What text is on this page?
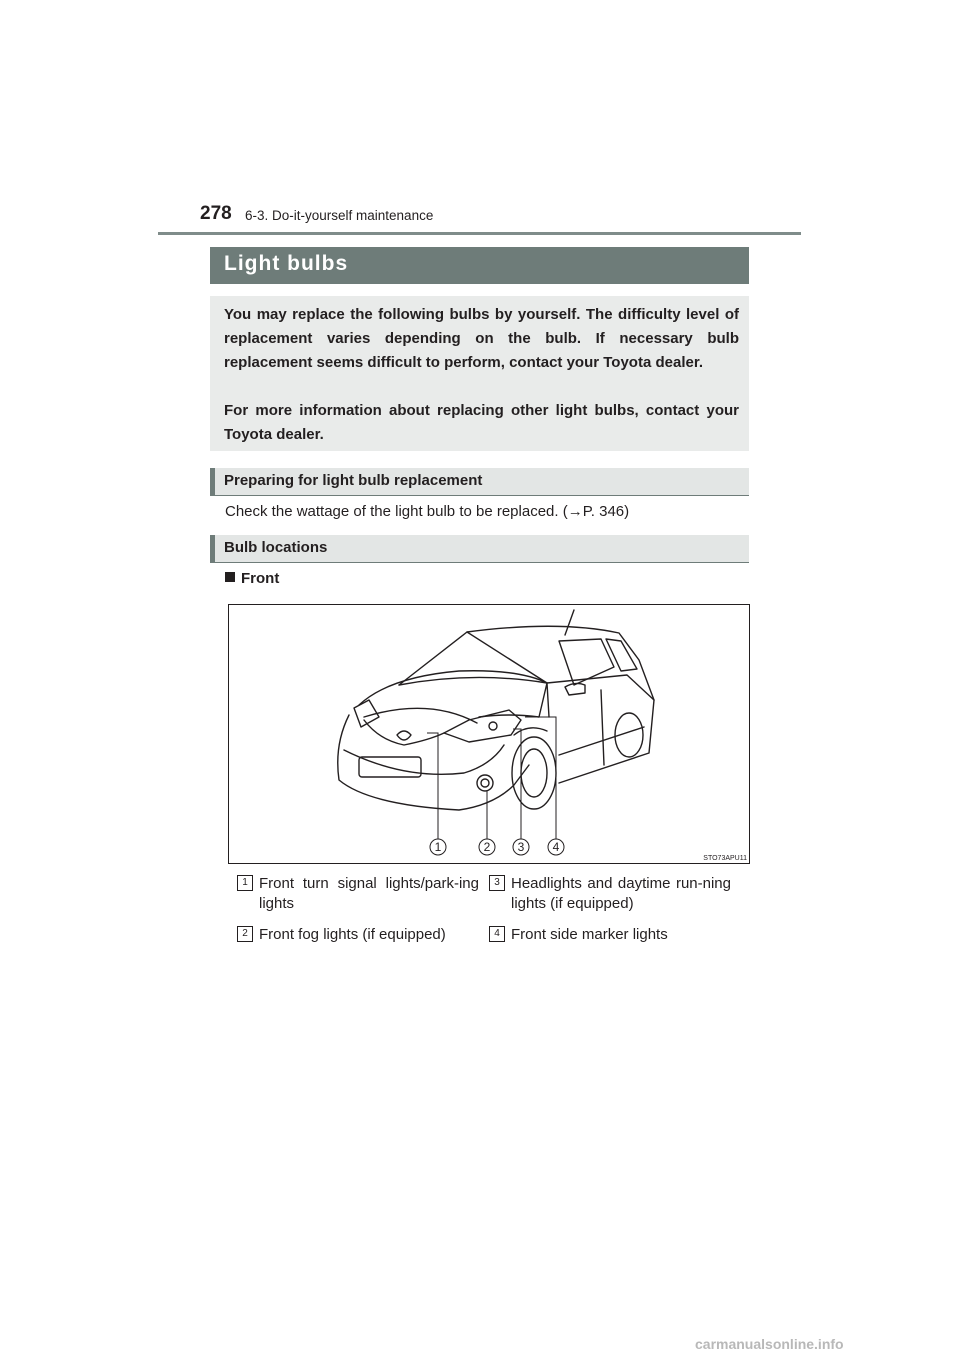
278 6-3. Do-it-yourself maintenance
Light bulbs

You may replace the following bulbs by yourself. The difficulty level of replacement varies depending on the bulb. If necessary bulb replacement seems difficult to perform, contact your Toyota dealer.

For more information about replacing other light bulbs, contact your Toyota dealer.

Preparing for light bulb replacement
Check the wattage of the light bulb to be replaced. (→P. 346)
Bulb locations
Front
1	2 3 4
STO73APU11
1 Front turn signal lights/park-ing lights
2 Front fog lights (if equipped)
3 Headlights and daytime run-ning lights (if equipped)
4 Front side marker lights
carmanualsonline.info
